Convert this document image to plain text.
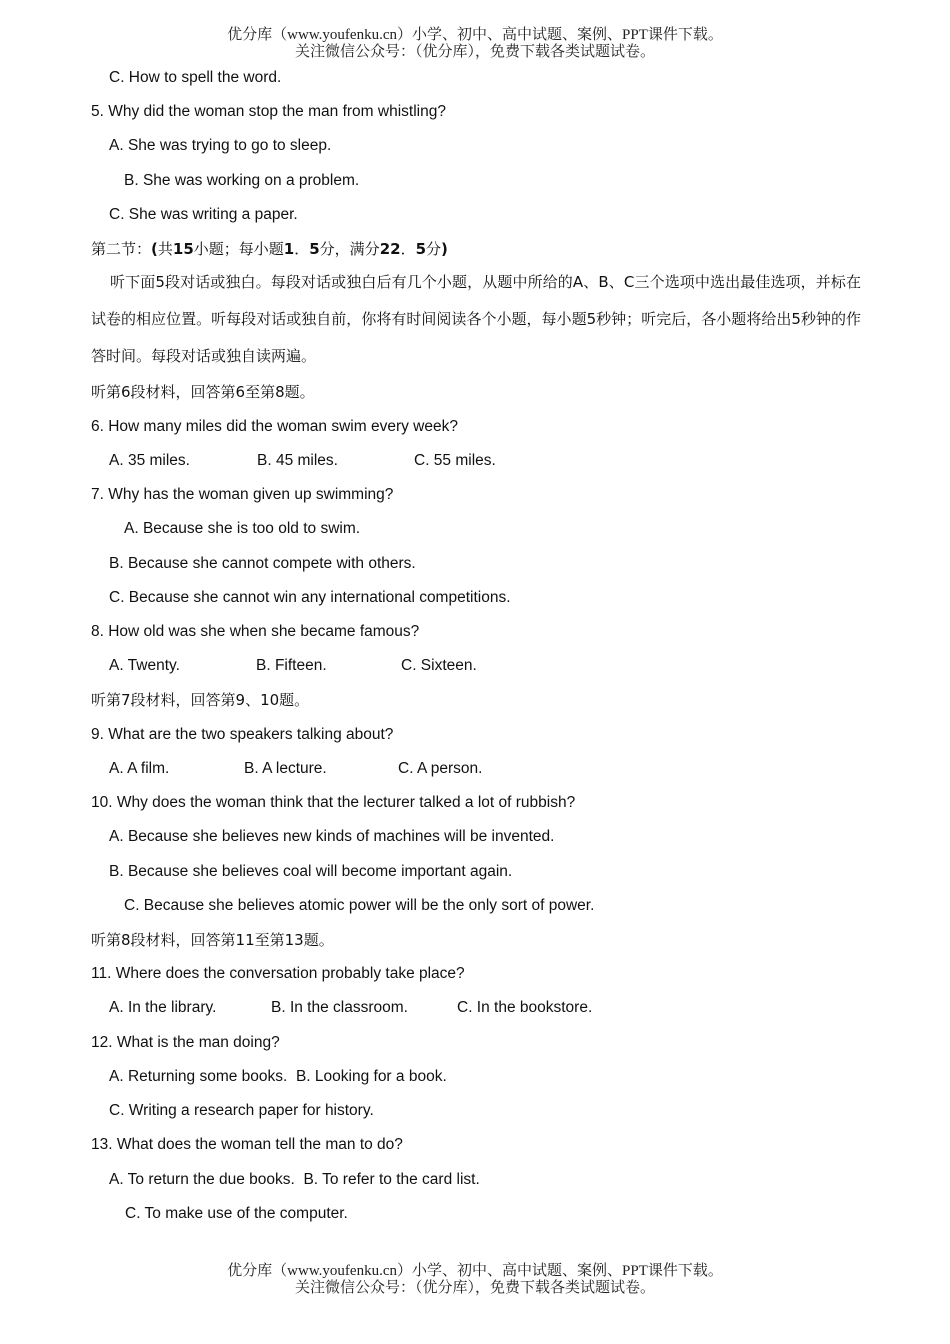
优分库（www.youfenku.cn）小学、初中、高中试题、案例、PPT课件下载。
关注微信公众号：（优分库），免费下载各类试题试卷。
C. How to spell the word.
5. Why did the woman stop the man from whistling?
A. She was trying to go to sleep.
B. She was working on a problem.
C. She was writing a paper.
第二节：(共15小题；每小题1．5分，满分22．5分)
听下面5段对话或独白。每段对话或独白后有几个小题，从题中所给的A、B、C三个选项中选出最佳选项，并标在试卷的相应位置。听每段对话或独自前，你将有时间阅读各个小题，每小题5秒钟；听完后，各小题将给出5秒钟的作答时间。每段对话或独自读两遍。
听第6段材料，回答第6至第8题。
6. How many miles did the woman swim every week?
A. 35 miles.	B. 45 miles.	C. 55 miles.
7. Why has the woman given up swimming?
A. Because she is too old to swim.
B. Because she cannot compete with others.
C. Because she cannot win any international competitions.
8. How old was she when she became famous?
A. Twenty.	B. Fifteen.	C. Sixteen.
听第7段材料，回答第9、10题。
9. What are the two speakers talking about?
A. A film.	B. A lecture.	C. A person.
10. Why does the woman think that the lecturer talked a lot of rubbish?
A. Because she believes new kinds of machines will be invented.
B. Because she believes coal will become important again.
C. Because she believes atomic power will be the only sort of power.
听第8段材料，回答第11至第13题。
11. Where does the conversation probably take place?
A. In the library.	B. In the classroom.	C. In the bookstore.
12. What is the man doing?
A. Returning some books.  B. Looking for a book.
C. Writing a research paper for history.
13. What does the woman tell the man to do?
A. To return the due books.  B. To refer to the card list.
C. To make use of the computer.
优分库（www.youfenku.cn）小学、初中、高中试题、案例、PPT课件下载。
关注微信公众号：（优分库），免费下载各类试题试卷。
